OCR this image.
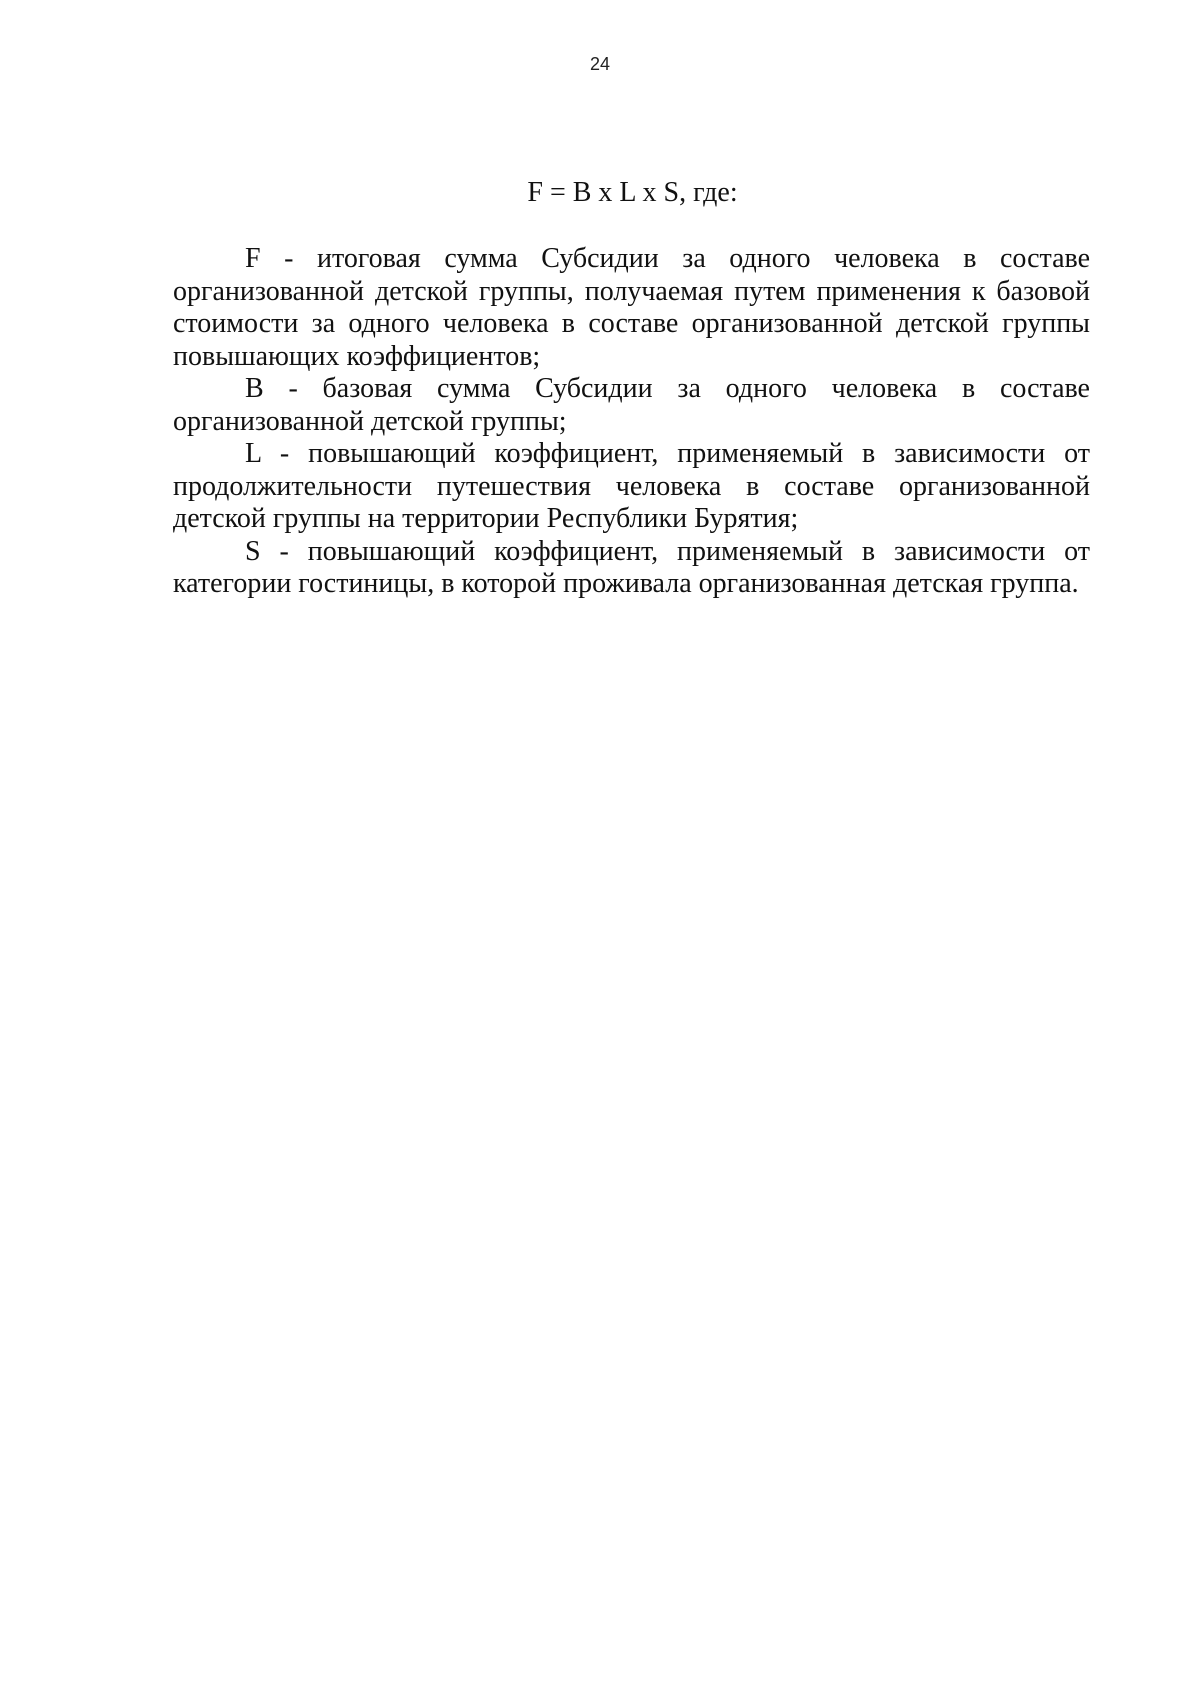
24
F = B x L x S, где:

F - итоговая сумма Субсидии за одного человека в составе организованной детской группы, получаемая путем применения к базовой стоимости за одного человека в составе организованной детской группы повышающих коэффициентов;

B - базовая сумма Субсидии за одного человека в составе организованной детской группы;

L - повышающий коэффициент, применяемый в зависимости от продолжительности путешествия человека в составе организованной детской группы на территории Республики Бурятия;

S - повышающий коэффициент, применяемый в зависимости от категории гостиницы, в которой проживала организованная детская группа.
